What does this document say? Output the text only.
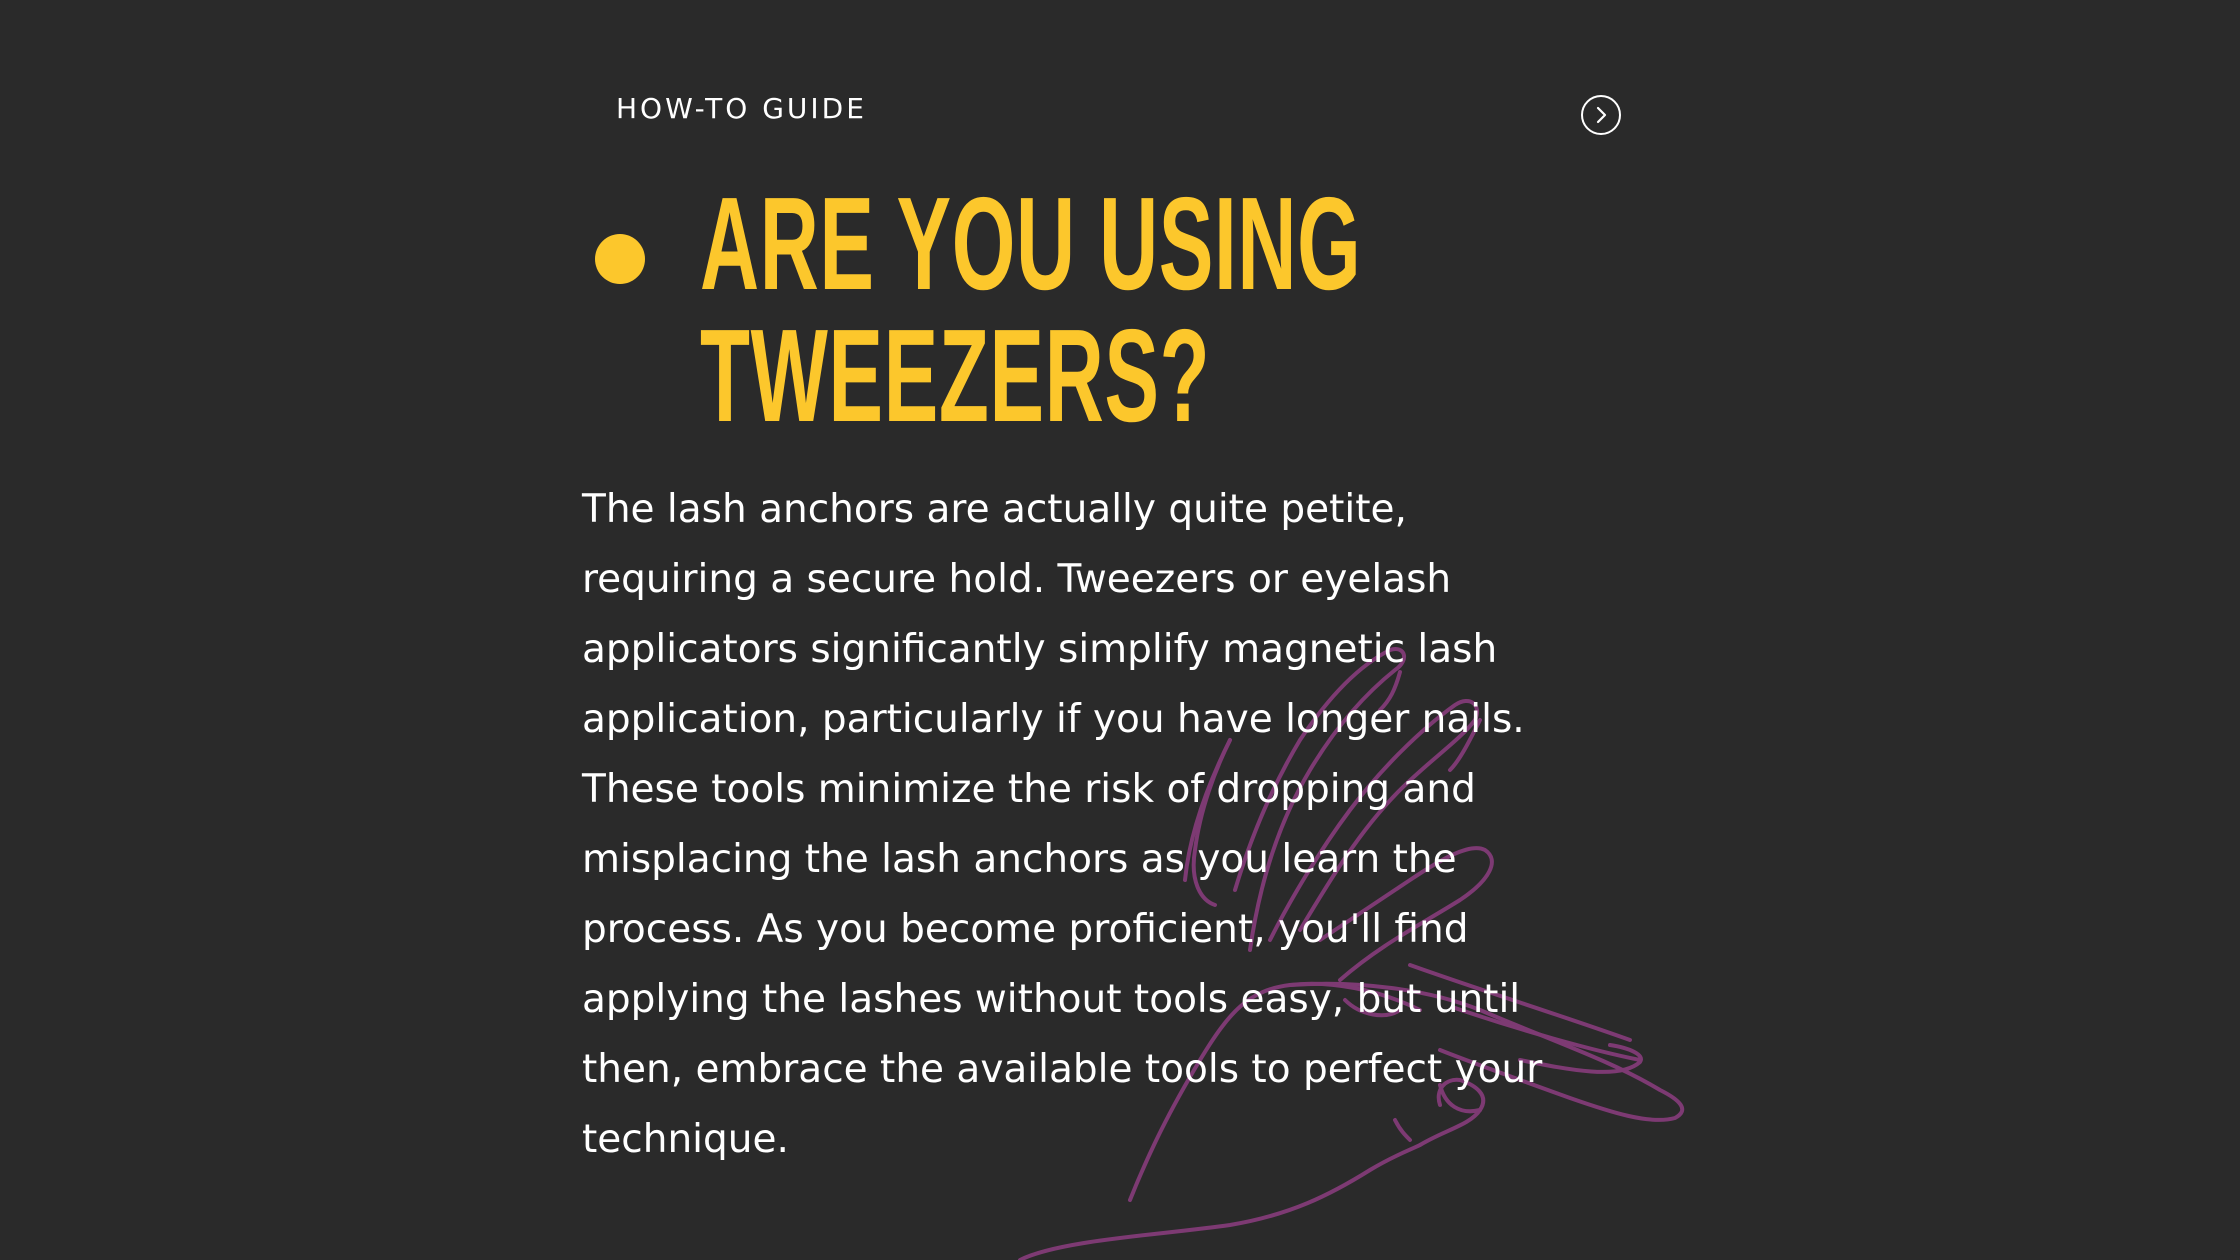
HOW-TO GUIDE
ARE YOU USING
TWEEZERS?

The lash anchors are actually quite petite,
requiring a secure hold. Tweezers or eyelash
applicators significantly simplify magnetic lash
application, particularly if you have longer nails.
These tools minimize the risk of dropping and
misplacing the lash anchors as you learn the
process. As you become proficient, you'll find
applying the lashes without tools easy, but until
then, embrace the available tools to perfect your
technique.
